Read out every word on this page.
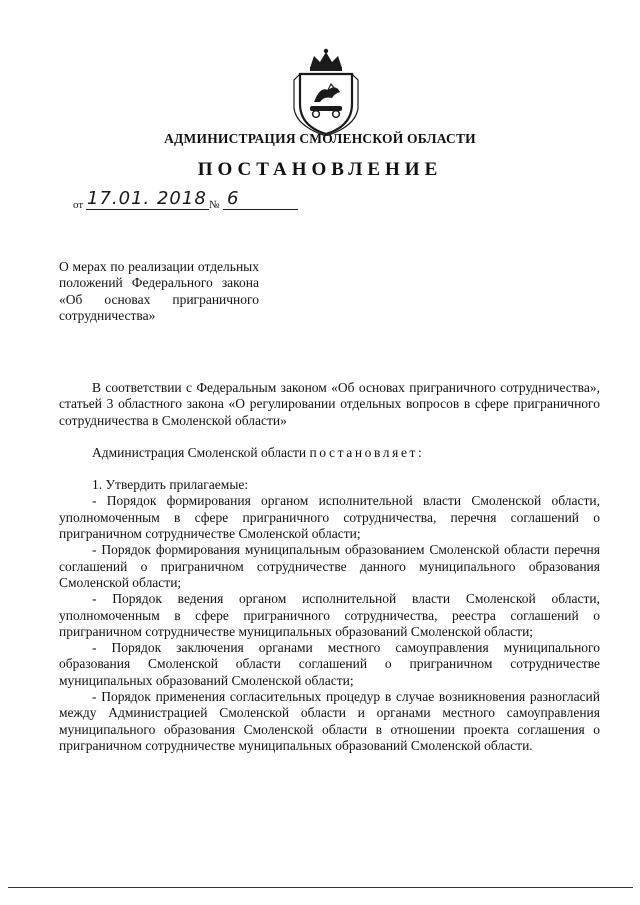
АДМИНИСТРАЦИЯ СМОЛЕНСКОЙ ОБЛАСТИ
ПОСТАНОВЛЕНИЕ
от 17.01. 2018 № 6
О мерах по реализации отдельных положений Федерального закона «Об основах приграничного сотрудничества»

В соответствии с Федеральным законом «Об основах приграничного сотрудничества», статьей 3 областного закона «О регулировании отдельных вопросов в сфере приграничного сотрудничества в Смоленской области»

Администрация Смоленской области постановляет:

1. Утвердить прилагаемые:

- Порядок формирования органом исполнительной власти Смоленской области, уполномоченным в сфере приграничного сотрудничества, перечня соглашений о приграничном сотрудничестве Смоленской области;

- Порядок формирования муниципальным образованием Смоленской области перечня соглашений о приграничном сотрудничестве данного муниципального образования Смоленской области;

- Порядок ведения органом исполнительной власти Смоленской области, уполномоченным в сфере приграничного сотрудничества, реестра соглашений о приграничном сотрудничестве муниципальных образований Смоленской области;

- Порядок заключения органами местного самоуправления муниципального образования Смоленской области соглашений о приграничном сотрудничестве муниципальных образований Смоленской области;

- Порядок применения согласительных процедур в случае возникновения разногласий между Администрацией Смоленской области и органами местного самоуправления муниципального образования Смоленской области в отношении проекта соглашения о приграничном сотрудничестве муниципальных образований Смоленской области.
